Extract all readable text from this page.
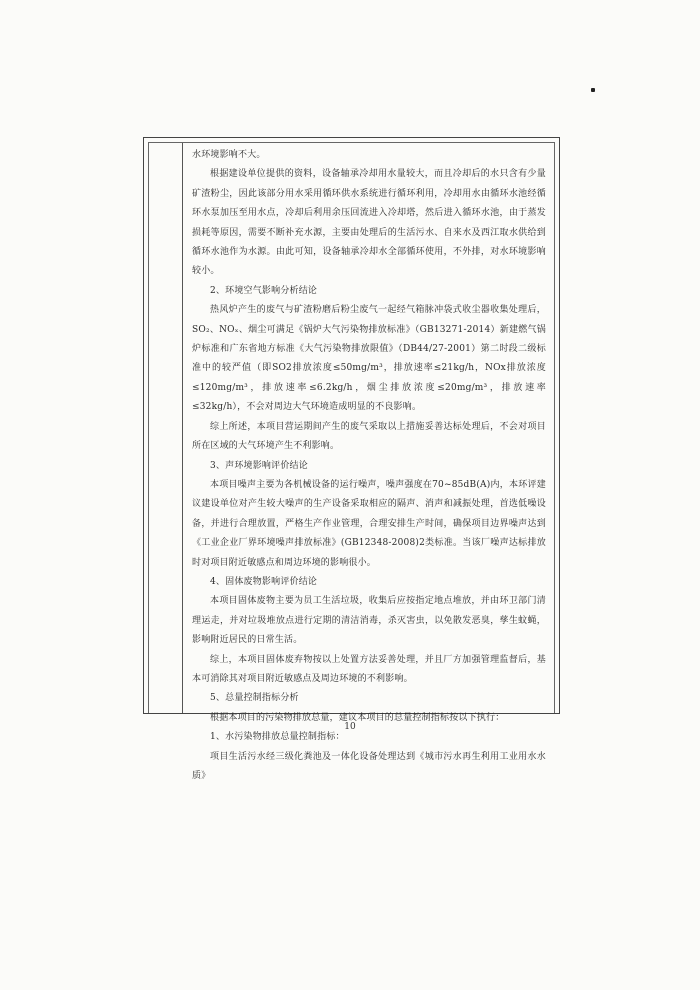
水环境影响不大。

根据建设单位提供的资料，设备轴承冷却用水量较大，而且冷却后的水只含有少量矿渣粉尘，因此该部分用水采用循环供水系统进行循环利用，冷却用水由循环水池经循环水泵加压至用水点，冷却后利用余压回流进入冷却塔，然后进入循环水池，由于蒸发损耗等原因，需要不断补充水源，主要由处理后的生活污水、自来水及西江取水供给到循环水池作为水源。由此可知，设备轴承冷却水全部循环使用，不外排，对水环境影响较小。

2、环境空气影响分析结论

热风炉产生的废气与矿渣粉磨后粉尘废气一起经气箱脉冲袋式收尘器收集处理后，SO₂、NOₓ、烟尘可满足《锅炉大气污染物排放标准》（GB13271-2014）新建燃气锅炉标准和广东省地方标准《大气污染物排放限值》（DB44/27-2001）第二时段二级标准中的较严值（即SO2排放浓度≤50mg/m³，排放速率≤21kg/h，NOx排放浓度≤120mg/m³，排放速率≤6.2kg/h，烟尘排放浓度≤20mg/m³，排放速率≤32kg/h），不会对周边大气环境造成明显的不良影响。

综上所述，本项目营运期间产生的废气采取以上措施妥善达标处理后，不会对项目所在区域的大气环境产生不利影响。

3、声环境影响评价结论

本项目噪声主要为各机械设备的运行噪声，噪声强度在70~85dB(A)内，本环评建议建设单位对产生较大噪声的生产设备采取相应的隔声、消声和减振处理，首选低噪设备，并进行合理放置，严格生产作业管理，合理安排生产时间，确保项目边界噪声达到《工业企业厂界环境噪声排放标准》(GB12348-2008)2类标准。当该厂噪声达标排放时对项目附近敏感点和周边环境的影响很小。

4、固体废物影响评价结论

本项目固体废物主要为员工生活垃圾，收集后应按指定地点堆放，并由环卫部门清理运走，并对垃圾堆放点进行定期的清洁消毒，杀灭害虫，以免散发恶臭，孳生蚊蝇，影响附近居民的日常生活。

综上，本项目固体废弃物按以上处置方法妥善处理，并且厂方加强管理监督后，基本可消除其对项目附近敏感点及周边环境的不利影响。

5、总量控制指标分析

根据本项目的污染物排放总量，建议本项目的总量控制指标按以下执行：

1、水污染物排放总量控制指标：

项目生活污水经三级化粪池及一体化设备处理达到《城市污水再生利用工业用水水质》

10
